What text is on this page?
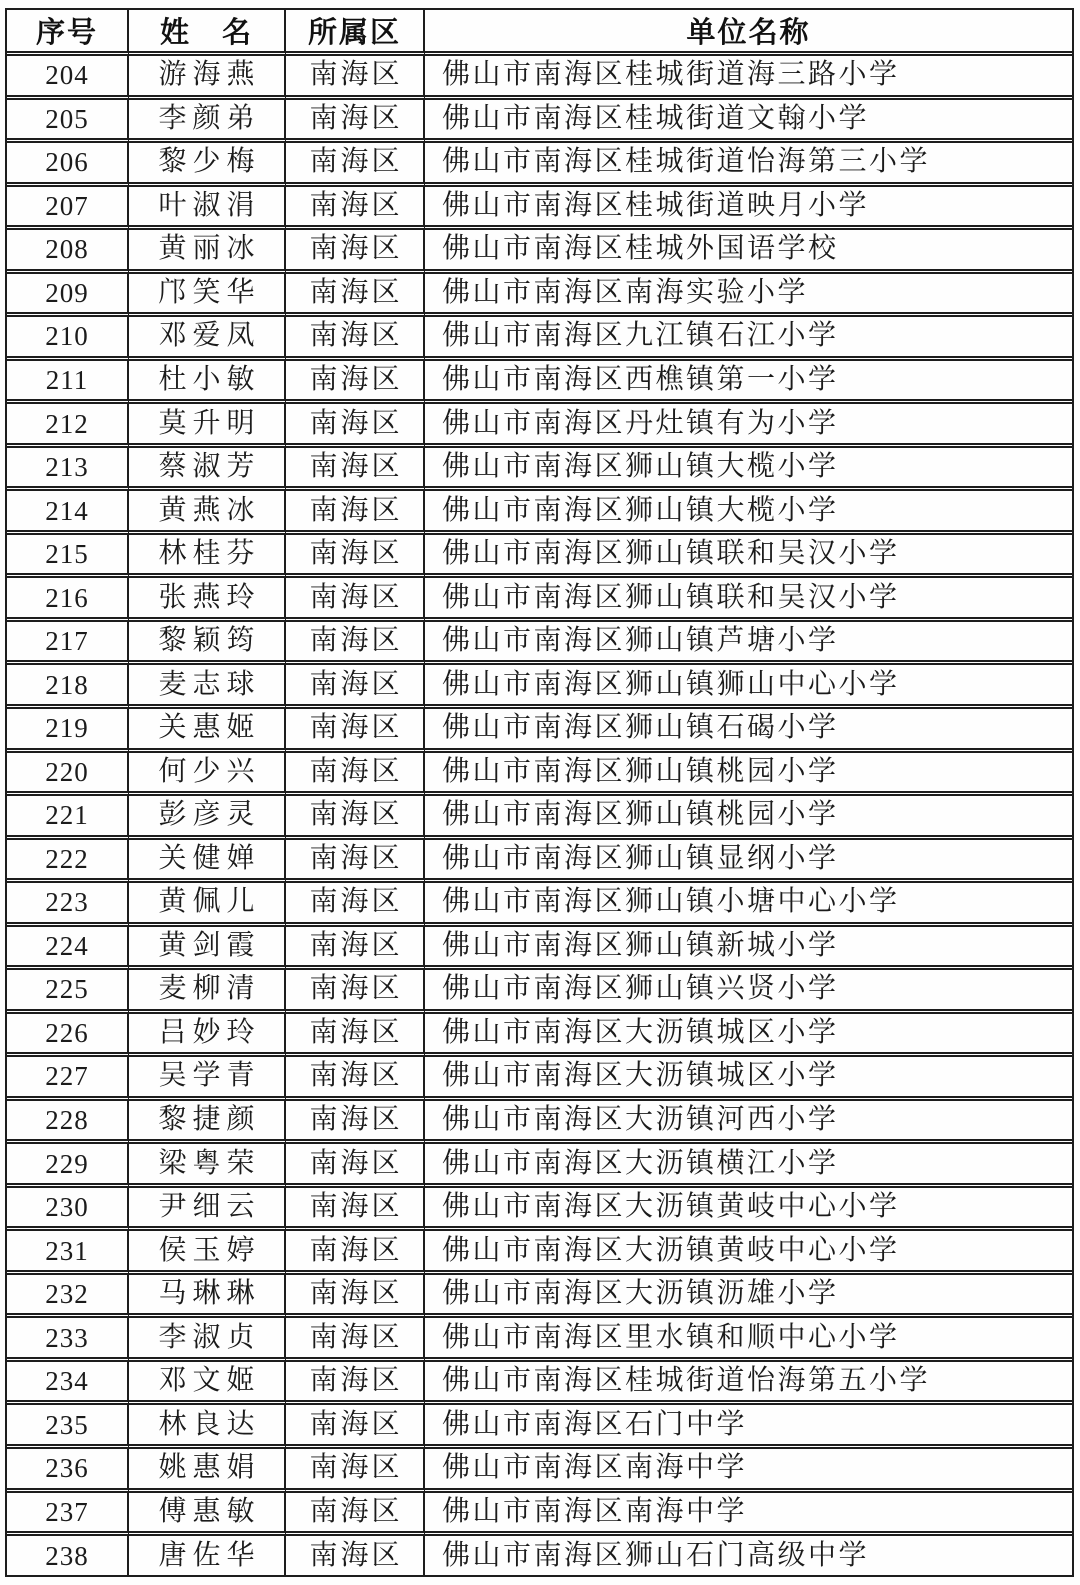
序号	姓　名	所属区	单位名称
204	游海燕	南海区	佛山市南海区桂城街道海三路小学
205	李颜弟	南海区	佛山市南海区桂城街道文翰小学
206	黎少梅	南海区	佛山市南海区桂城街道怡海第三小学
207	叶淑涓	南海区	佛山市南海区桂城街道映月小学
208	黄丽冰	南海区	佛山市南海区桂城外国语学校
209	邝笑华	南海区	佛山市南海区南海实验小学
210	邓爱凤	南海区	佛山市南海区九江镇石江小学
211	杜小敏	南海区	佛山市南海区西樵镇第一小学
212	莫升明	南海区	佛山市南海区丹灶镇有为小学
213	蔡淑芳	南海区	佛山市南海区狮山镇大榄小学
214	黄燕冰	南海区	佛山市南海区狮山镇大榄小学
215	林桂芬	南海区	佛山市南海区狮山镇联和吴汉小学
216	张燕玲	南海区	佛山市南海区狮山镇联和吴汉小学
217	黎颖筠	南海区	佛山市南海区狮山镇芦塘小学
218	麦志球	南海区	佛山市南海区狮山镇狮山中心小学
219	关惠姬	南海区	佛山市南海区狮山镇石碣小学
220	何少兴	南海区	佛山市南海区狮山镇桃园小学
221	彭彦灵	南海区	佛山市南海区狮山镇桃园小学
222	关健婵	南海区	佛山市南海区狮山镇显纲小学
223	黄佩儿	南海区	佛山市南海区狮山镇小塘中心小学
224	黄剑霞	南海区	佛山市南海区狮山镇新城小学
225	麦柳清	南海区	佛山市南海区狮山镇兴贤小学
226	吕妙玲	南海区	佛山市南海区大沥镇城区小学
227	吴学青	南海区	佛山市南海区大沥镇城区小学
228	黎捷颜	南海区	佛山市南海区大沥镇河西小学
229	梁粤荣	南海区	佛山市南海区大沥镇横江小学
230	尹细云	南海区	佛山市南海区大沥镇黄岐中心小学
231	侯玉婷	南海区	佛山市南海区大沥镇黄岐中心小学
232	马琳琳	南海区	佛山市南海区大沥镇沥雄小学
233	李淑贞	南海区	佛山市南海区里水镇和顺中心小学
234	邓文姬	南海区	佛山市南海区桂城街道怡海第五小学
235	林良达	南海区	佛山市南海区石门中学
236	姚惠娟	南海区	佛山市南海区南海中学
237	傅惠敏	南海区	佛山市南海区南海中学
238	唐佐华	南海区	佛山市南海区狮山石门高级中学
